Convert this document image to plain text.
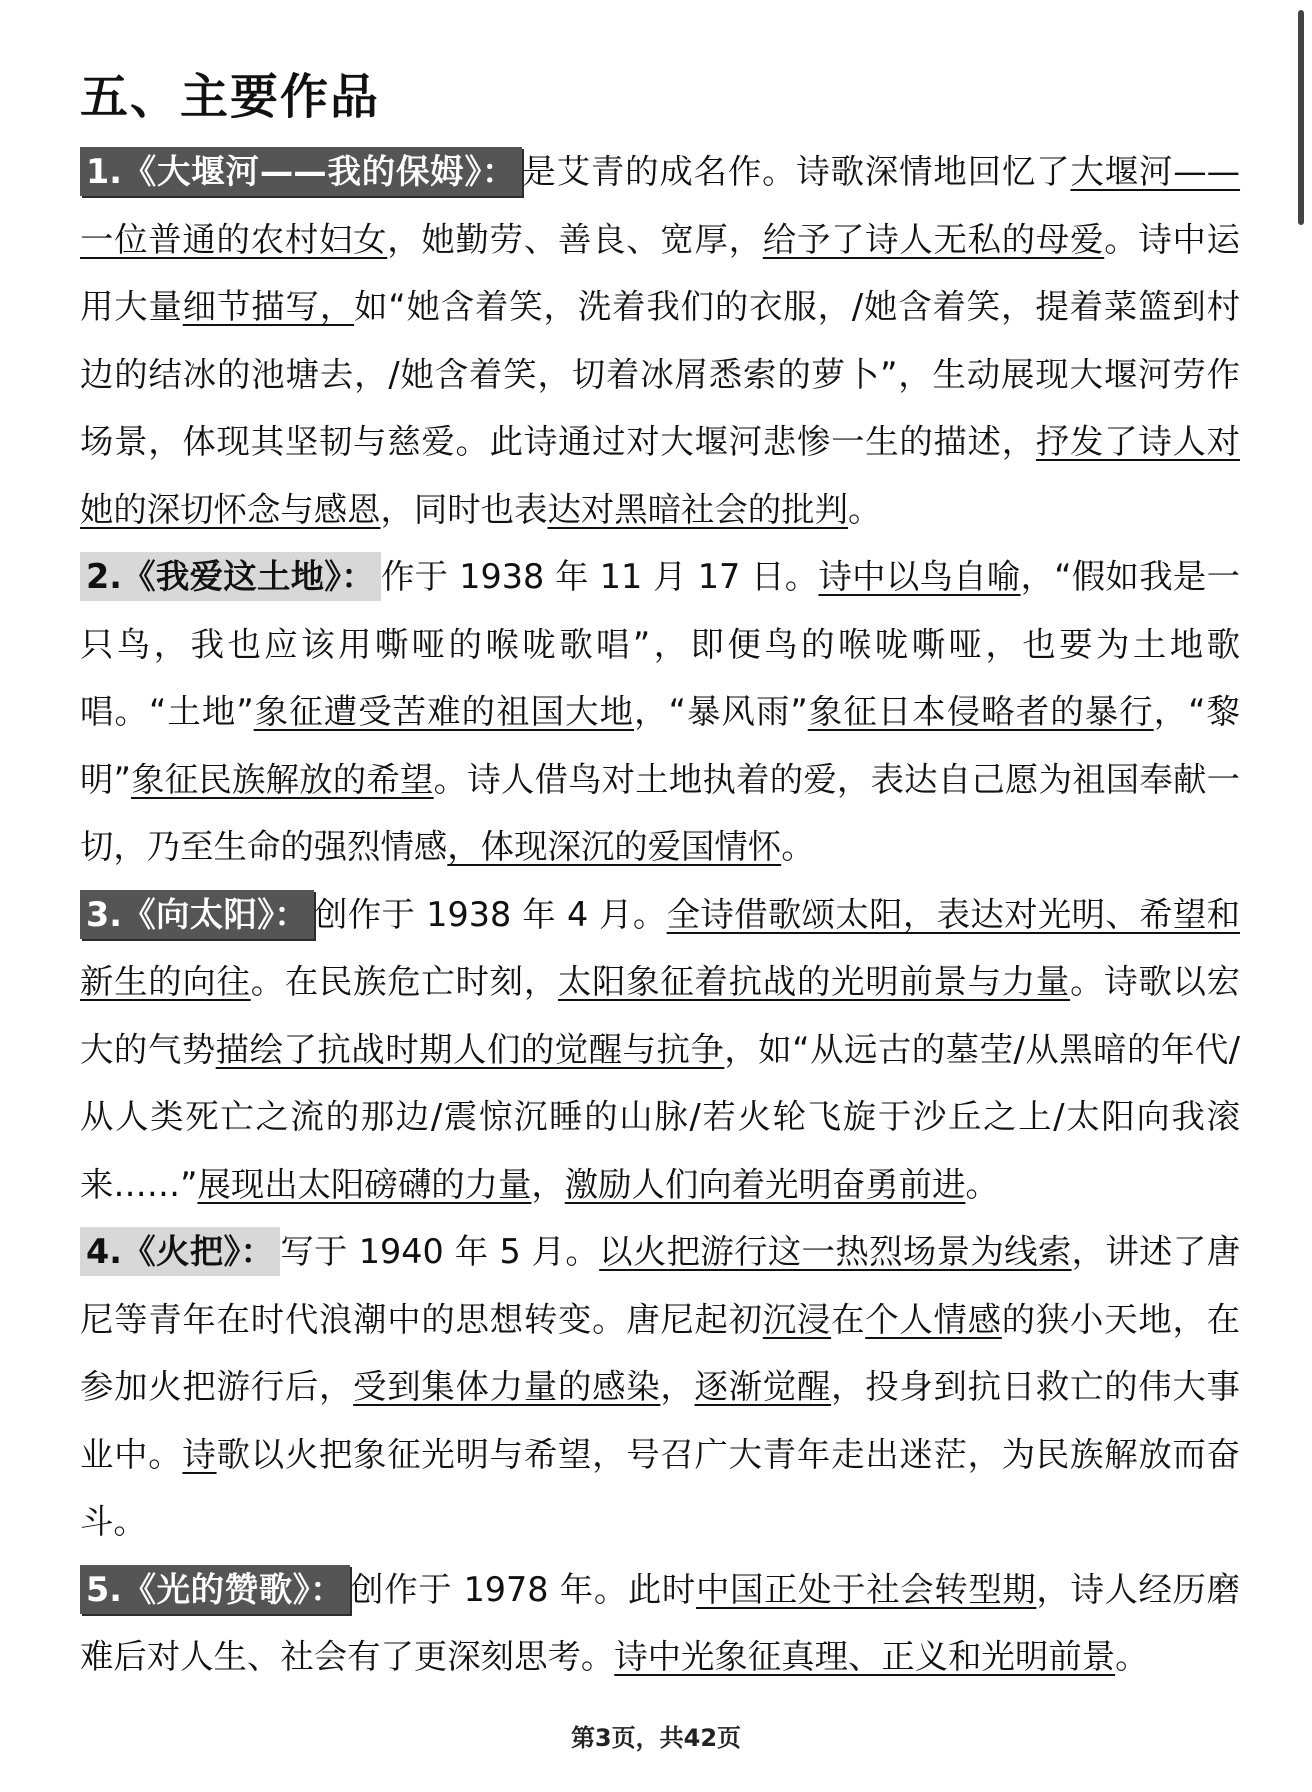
五、主要作品

1.《大堰河——我的保姆》： 是艾青的成名作。诗歌深情地回忆了大堰河——一位普通的农村妇女，她勤劳、善良、宽厚，给予了诗人无私的母爱。诗中运用大量细节描写，如“她含着笑，洗着我们的衣服，/她含着笑，提着菜篮到村边的结冰的池塘去，/她含着笑，切着冰屑悉索的萝卜”，生动展现大堰河劳作场景，体现其坚韧与慈爱。此诗通过对大堰河悲惨一生的描述，抒发了诗人对她的深切怀念与感恩，同时也表达对黑暗社会的批判。

2.《我爱这土地》： 作于 1938 年 11 月 17 日。诗中以鸟自喻，“假如我是一只鸟，我也应该用嘶哑的喉咙歌唱”，即便鸟的喉咙嘶哑，也要为土地歌唱。“土地”象征遭受苦难的祖国大地，“暴风雨”象征日本侵略者的暴行，“黎明”象征民族解放的希望。诗人借鸟对土地执着的爱，表达自己愿为祖国奉献一切，乃至生命的强烈情感，体现深沉的爱国情怀。

3.《向太阳》： 创作于 1938 年 4 月。全诗借歌颂太阳，表达对光明、希望和新生的向往。在民族危亡时刻，太阳象征着抗战的光明前景与力量。诗歌以宏大的气势描绘了抗战时期人们的觉醒与抗争，如“从远古的墓茔/从黑暗的年代/从人类死亡之流的那边/震惊沉睡的山脉/若火轮飞旋于沙丘之上/太阳向我滚来……”展现出太阳磅礴的力量，激励人们向着光明奋勇前进。

4.《火把》： 写于 1940 年 5 月。以火把游行这一热烈场景为线索，讲述了唐尼等青年在时代浪潮中的思想转变。唐尼起初沉浸在个人情感的狭小天地，在参加火把游行后，受到集体力量的感染，逐渐觉醒，投身到抗日救亡的伟大事业中。诗歌以火把象征光明与希望，号召广大青年走出迷茫，为民族解放而奋斗。

5.《光的赞歌》： 创作于 1978 年。此时中国正处于社会转型期，诗人经历磨难后对人生、社会有了更深刻思考。诗中光象征真理、正义和光明前景。

第3页，共42页
